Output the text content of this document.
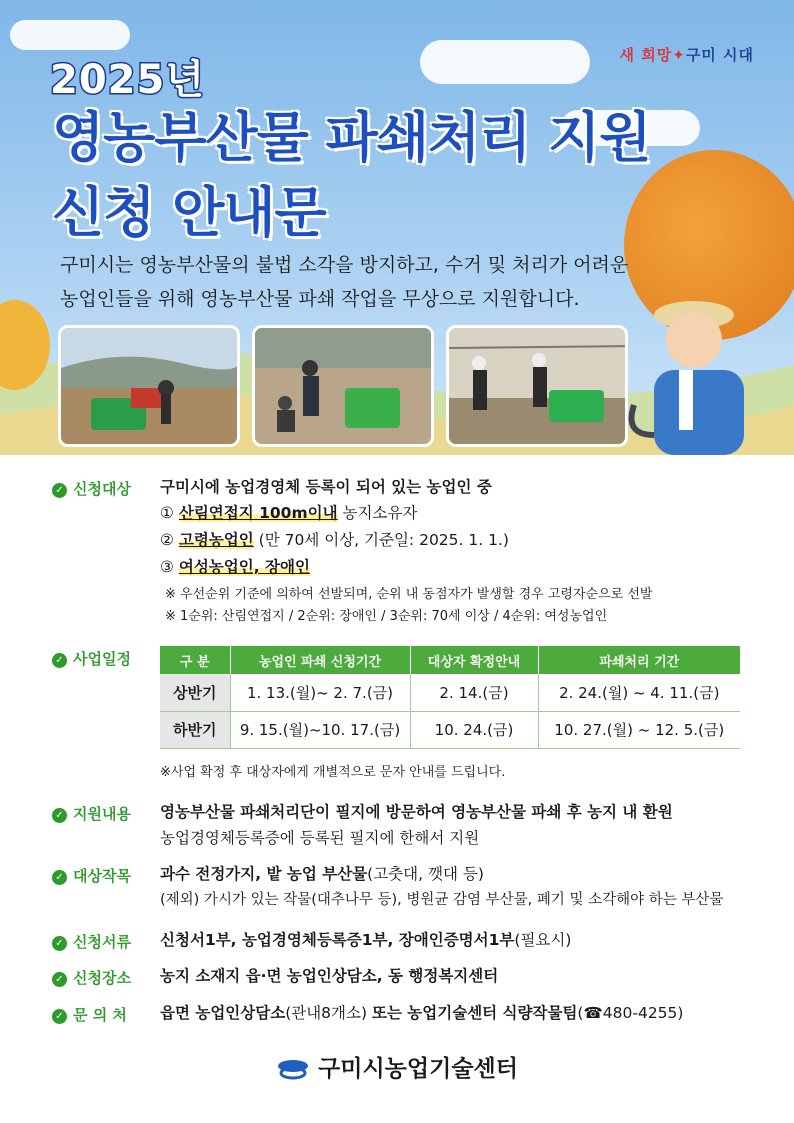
새 희망✦구미 시대
2025년
영농부산물 파쇄처리 지원
신청 안내문
구미시는 영농부산물의 불법 소각을 방지하고, 수거 및 처리가 어려운
농업인들을 위해 영농부산물 파쇄 작업을 무상으로 지원합니다.
✓ 신청대상 구미시에 농업경영체 등록이 되어 있는 농업인 중
① 산림연접지 100m이내 농지소유자
② 고령농업인 (만 70세 이상, 기준일: 2025. 1. 1.)
③ 여성농업인, 장애인
※ 우선순위 기준에 의하여 선발되며, 순위 내 동점자가 발생할 경우 고령자순으로 선발
※ 1순위: 산림연접지 / 2순위: 장애인 / 3순위: 70세 이상 / 4순위: 여성농업인
✓ 사업일정	구 분	농업인 파쇄 신청기간	대상자 확정안내	파쇄처리 기간
상반기	1. 13.(월)~ 2. 7.(금)	2. 14.(금)	2. 24.(월) ~ 4. 11.(금)
하반기	9. 15.(월)~10. 17.(금)	10. 24.(금)	10. 27.(월) ~ 12. 5.(금)
※사업 확정 후 대상자에게 개별적으로 문자 안내를 드립니다.
✓ 지원내용 영농부산물 파쇄처리단이 필지에 방문하여 영농부산물 파쇄 후 농지 내 환원
농업경영체등록증에 등록된 필지에 한해서 지원
✓ 대상작목 과수 전정가지, 밭 농업 부산물(고춧대, 깻대 등)
(제외) 가시가 있는 작물(대추나무 등), 병원균 감염 부산물, 폐기 및 소각해야 하는 부산물
✓ 신청서류 신청서1부, 농업경영체등록증1부, 장애인증명서1부(필요시)
✓ 신청장소 농지 소재지 읍·면 농업인상담소, 동 행정복지센터
✓ 문 의 처 읍면 농업인상담소(관내8개소) 또는 농업기술센터 식량작물팀(☎480-4255)
구미시농업기술센터
